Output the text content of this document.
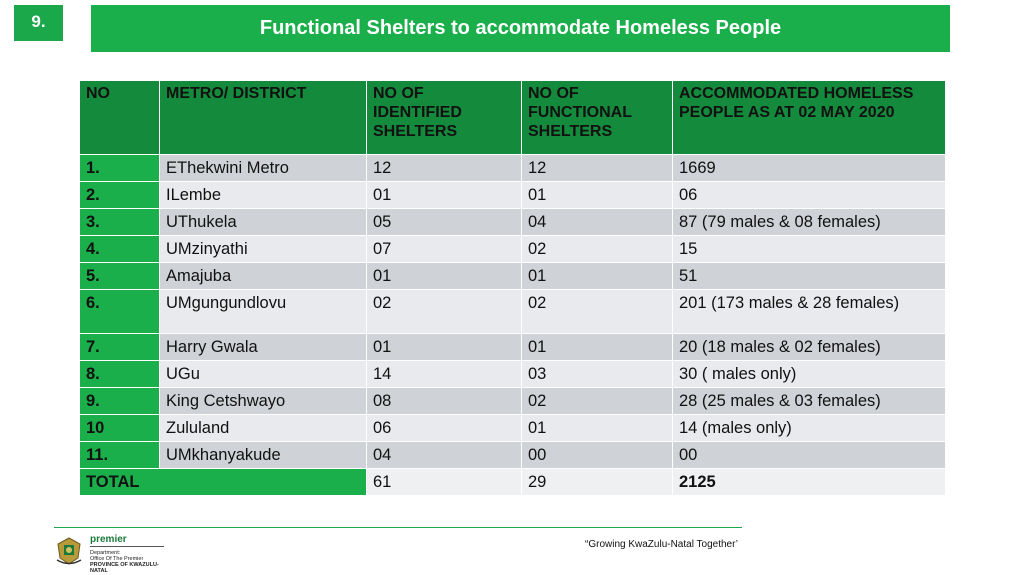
9.	Functional Shelters to accommodate Homeless People
NO	METRO/ DISTRICT	NO OF IDENTIFIED SHELTERS	NO OF FUNCTIONAL SHELTERS	ACCOMMODATED HOMELESS PEOPLE AS AT 02 MAY 2020
1.	EThekwini Metro	12	12	1669
2.	ILembe	01	01	06
3.	UThukela	05	04	87 (79 males & 08 females)
4.	UMzinyathi	07	02	15
5.	Amajuba	01	01	51
6.	UMgungundlovu	02	02	201 (173 males & 28 females)
7.	Harry Gwala	01	01	20 (18 males & 02 females)
8.	UGu	14	03	30 ( males only)
9.	King Cetshwayo	08	02	28 (25 males & 03 females)
10	Zululand	06	01	14 (males only)
11.	UMkhanyakude	04	00	00
TOTAL		61	29	2125
“Growing KwaZulu-Natal Together’
premier
Department:
Office Of The Premier
PROVINCE OF KWAZULU-NATAL
